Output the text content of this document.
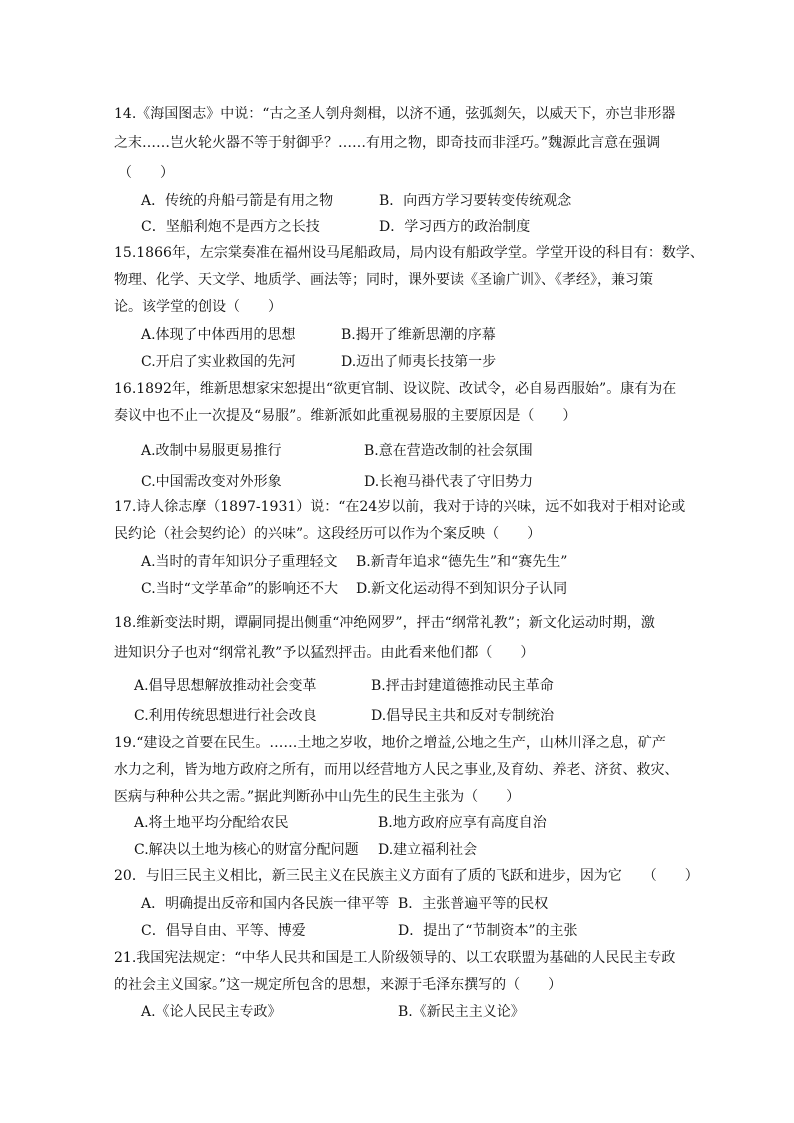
14.《海国图志》中说：“古之圣人刳舟剡楫，以济不通，弦弧剡矢，以威天下，亦岂非形器
之末……岂火轮火器不等于射御乎？……有用之物，即奇技而非淫巧。”魏源此言意在强调
（　　）
A．传统的舟船弓箭是有用之物	B．向西方学习要转变传统观念
C．坚船利炮不是西方之长技	D．学习西方的政治制度
15.1866年，左宗棠奏准在福州设马尾船政局，局内设有船政学堂。学堂开设的科目有：数学、
物理、化学、天文学、地质学、画法等；同时，课外要读《圣谕广训》、《孝经》，兼习策
论。该学堂的创设（　　）
A.体现了中体西用的思想	B.揭开了维新思潮的序幕
C.开启了实业救国的先河	D.迈出了师夷长技第一步
16.1892年，维新思想家宋恕提出“欲更官制、设议院、改试令，必自易西服始”。康有为在
奏议中也不止一次提及“易服”。维新派如此重视易服的主要原因是（　　）
A.改制中易服更易推行	B.意在营造改制的社会氛围
C.中国需改变对外形象	D.长袍马褂代表了守旧势力
17.诗人徐志摩（1897-1931）说：“在24岁以前，我对于诗的兴味，远不如我对于相对论或
民约论（社会契约论）的兴味”。这段经历可以作为个案反映（　　）
A.当时的青年知识分子重理轻文 B.新青年追求“德先生”和“赛先生”
C.当时“文学革命”的影响还不大 D.新文化运动得不到知识分子认同
18.维新变法时期，谭嗣同提出侧重“冲绝网罗”，抨击“纲常礼教”；新文化运动时期，激
进知识分子也对“纲常礼教”予以猛烈抨击。由此看来他们都（　　）
A.倡导思想解放推动社会变革	B.抨击封建道德推动民主革命
C.利用传统思想进行社会改良	D.倡导民主共和反对专制统治
19.“建设之首要在民生。……土地之岁收，地价之增益,公地之生产，山林川泽之息，矿产
水力之利，皆为地方政府之所有，而用以经营地方人民之事业,及育幼、养老、济贫、救灾、
医病与种种公共之需。”据此判断孙中山先生的民生主张为（　　）
A.将土地平均分配给农民	B.地方政府应享有高度自治
C.解决以土地为核心的财富分配问题 D.建立福利社会
20．与旧三民主义相比，新三民主义在民族主义方面有了质的飞跃和进步，因为它　　（　　）
A．明确提出反帝和国内各民族一律平等 B．主张普遍平等的民权
C．倡导自由、平等、博爱	D．提出了“节制资本”的主张
21.我国宪法规定：“中华人民共和国是工人阶级领导的、以工农联盟为基础的人民民主专政
的社会主义国家。”这一规定所包含的思想，来源于毛泽东撰写的（　　）
A.《论人民民主专政》	B.《新民主主义论》
